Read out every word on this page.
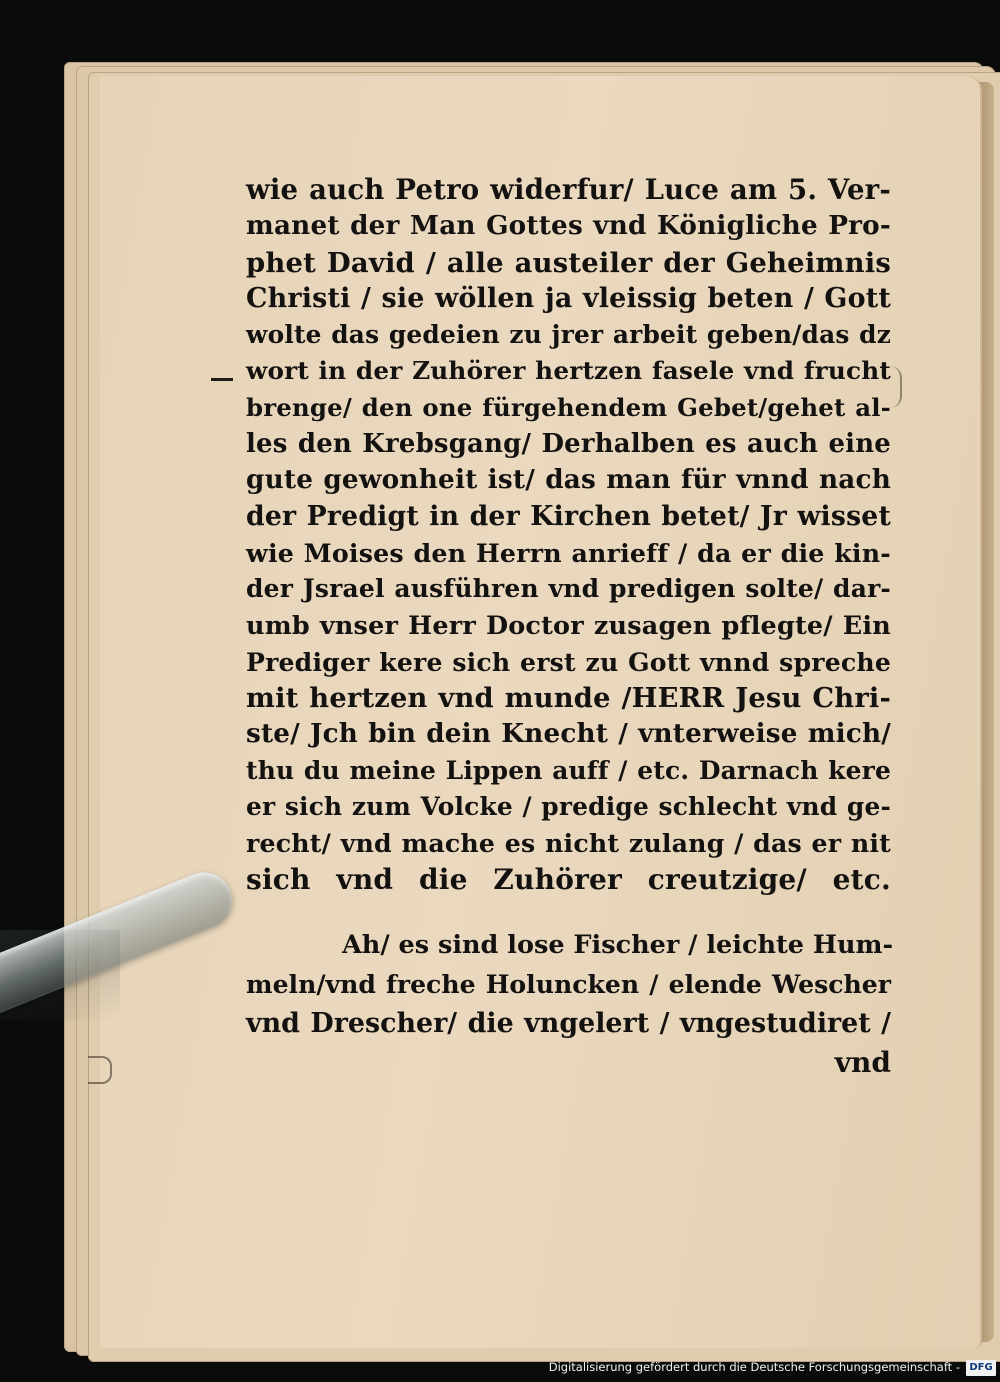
wie auch Petro widerfur/ Luce am 5. Ver-
manet der Man Gottes vnd Königliche Pro-
phet David / alle austeiler der Geheimnis
Christi / sie wöllen ja vleissig beten / Gott
wolte das gedeien zu jrer arbeit geben/das dz
wort in der Zuhörer hertzen fasele vnd frucht
brenge/ den one fürgehendem Gebet/gehet al-
les den Krebsgang/ Derhalben es auch eine
gute gewonheit ist/ das man für vnnd nach
der Predigt in der Kirchen betet/ Jr wisset
wie Moises den Herrn anrieff / da er die kin-
der Jsrael ausführen vnd predigen solte/ dar-
umb vnser Herr Doctor zusagen pflegte/ Ein
Prediger kere sich erst zu Gott vnnd spreche
mit hertzen vnd munde /HERR Jesu Chri-
ste/ Jch bin dein Knecht / vnterweise mich/
thu du meine Lippen auff / etc. Darnach kere
er sich zum Volcke / predige schlecht vnd ge-
recht/ vnd mache es nicht zulang / das er nit
sich vnd die Zuhörer creutzige/ etc.
Ah/ es sind lose Fischer / leichte Hum-
meln/vnd freche Holuncken / elende Wescher
vnd Drescher/ die vngelert / vngestudiret /
vnd
Digitalisierung gefördert durch die Deutsche Forschungsgemeinschaft - DFG
